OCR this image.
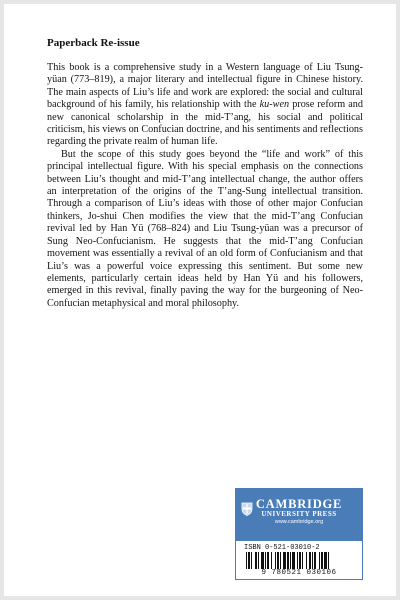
Paperback Re-issue

This book is a comprehensive study in a Western language of Liu Tsung-yüan (773–819), a major literary and intellectual figure in Chinese history. The main aspects of Liu’s life and work are explored: the social and cultural background of his family, his relationship with the ku-wen prose reform and new canonical scholarship in the mid-T’ang, his social and political criticism, his views on Confucian doctrine, and his sentiments and reflections regarding the private realm of human life.

But the scope of this study goes beyond the “life and work” of this principal intellectual figure. With his special emphasis on the connections between Liu’s thought and mid-T’ang intellectual change, the author offers an interpretation of the origins of the T’ang-Sung intellectual transition. Through a comparison of Liu’s ideas with those of other major Confucian thinkers, Jo-shui Chen modifies the view that the mid-T’ang Confucian revival led by Han Yü (768–824) and Liu Tsung-yüan was a precursor of Sung Neo-Confucianism. He suggests that the mid-T’ang Confucian movement was essentially a revival of an old form of Confucianism and that Liu’s was a powerful voice expressing this sentiment. But some new elements, particularly certain ideas held by Han Yü and his followers, emerged in this revival, finally paving the way for the burgeoning of Neo-Confucian metaphysical and moral philosophy.

CAMBRIDGE
UNIVERSITY PRESS
www.cambridge.org
ISBN 0-521-03010-2
9 780521 030106
